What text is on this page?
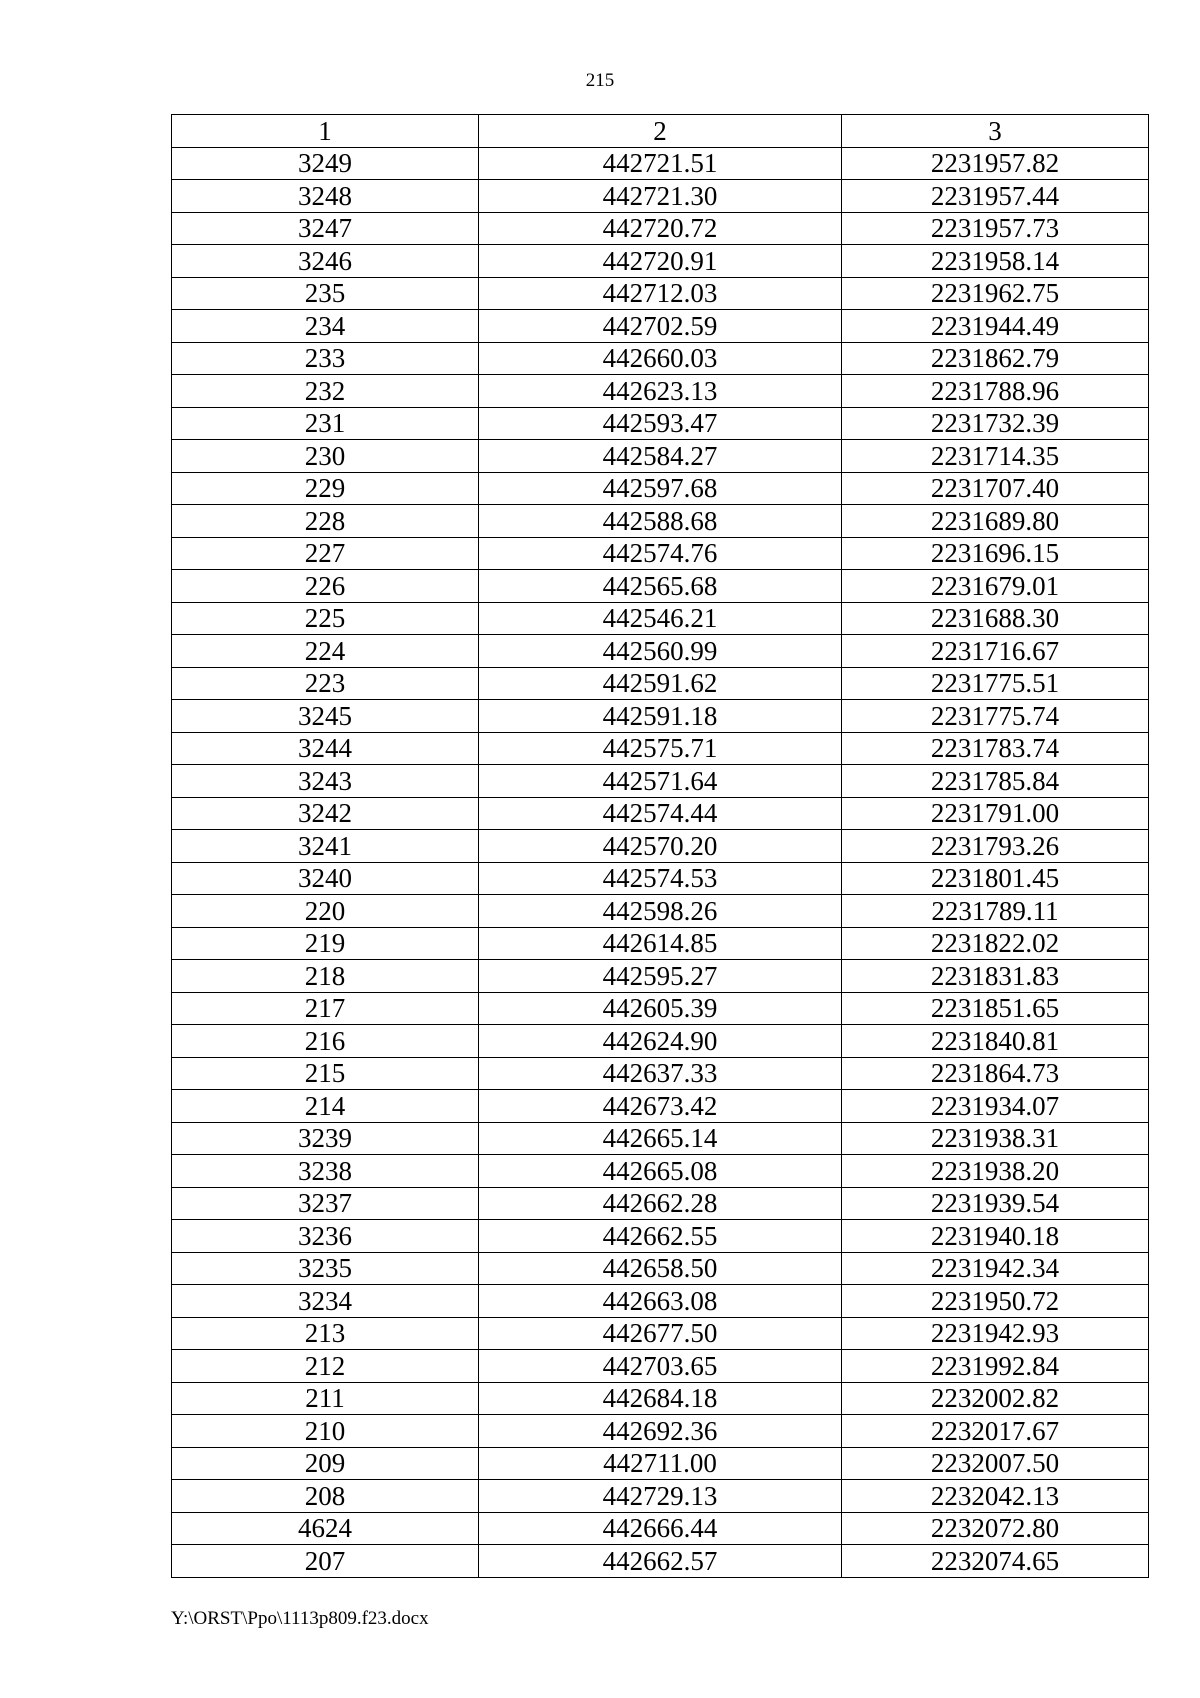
215
1	2	3
3249	442721.51	2231957.82
3248	442721.30	2231957.44
3247	442720.72	2231957.73
3246	442720.91	2231958.14
235	442712.03	2231962.75
234	442702.59	2231944.49
233	442660.03	2231862.79
232	442623.13	2231788.96
231	442593.47	2231732.39
230	442584.27	2231714.35
229	442597.68	2231707.40
228	442588.68	2231689.80
227	442574.76	2231696.15
226	442565.68	2231679.01
225	442546.21	2231688.30
224	442560.99	2231716.67
223	442591.62	2231775.51
3245	442591.18	2231775.74
3244	442575.71	2231783.74
3243	442571.64	2231785.84
3242	442574.44	2231791.00
3241	442570.20	2231793.26
3240	442574.53	2231801.45
220	442598.26	2231789.11
219	442614.85	2231822.02
218	442595.27	2231831.83
217	442605.39	2231851.65
216	442624.90	2231840.81
215	442637.33	2231864.73
214	442673.42	2231934.07
3239	442665.14	2231938.31
3238	442665.08	2231938.20
3237	442662.28	2231939.54
3236	442662.55	2231940.18
3235	442658.50	2231942.34
3234	442663.08	2231950.72
213	442677.50	2231942.93
212	442703.65	2231992.84
211	442684.18	2232002.82
210	442692.36	2232017.67
209	442711.00	2232007.50
208	442729.13	2232042.13
4624	442666.44	2232072.80
207	442662.57	2232074.65
Y:\ORST\Ppo\1113p809.f23.docx
